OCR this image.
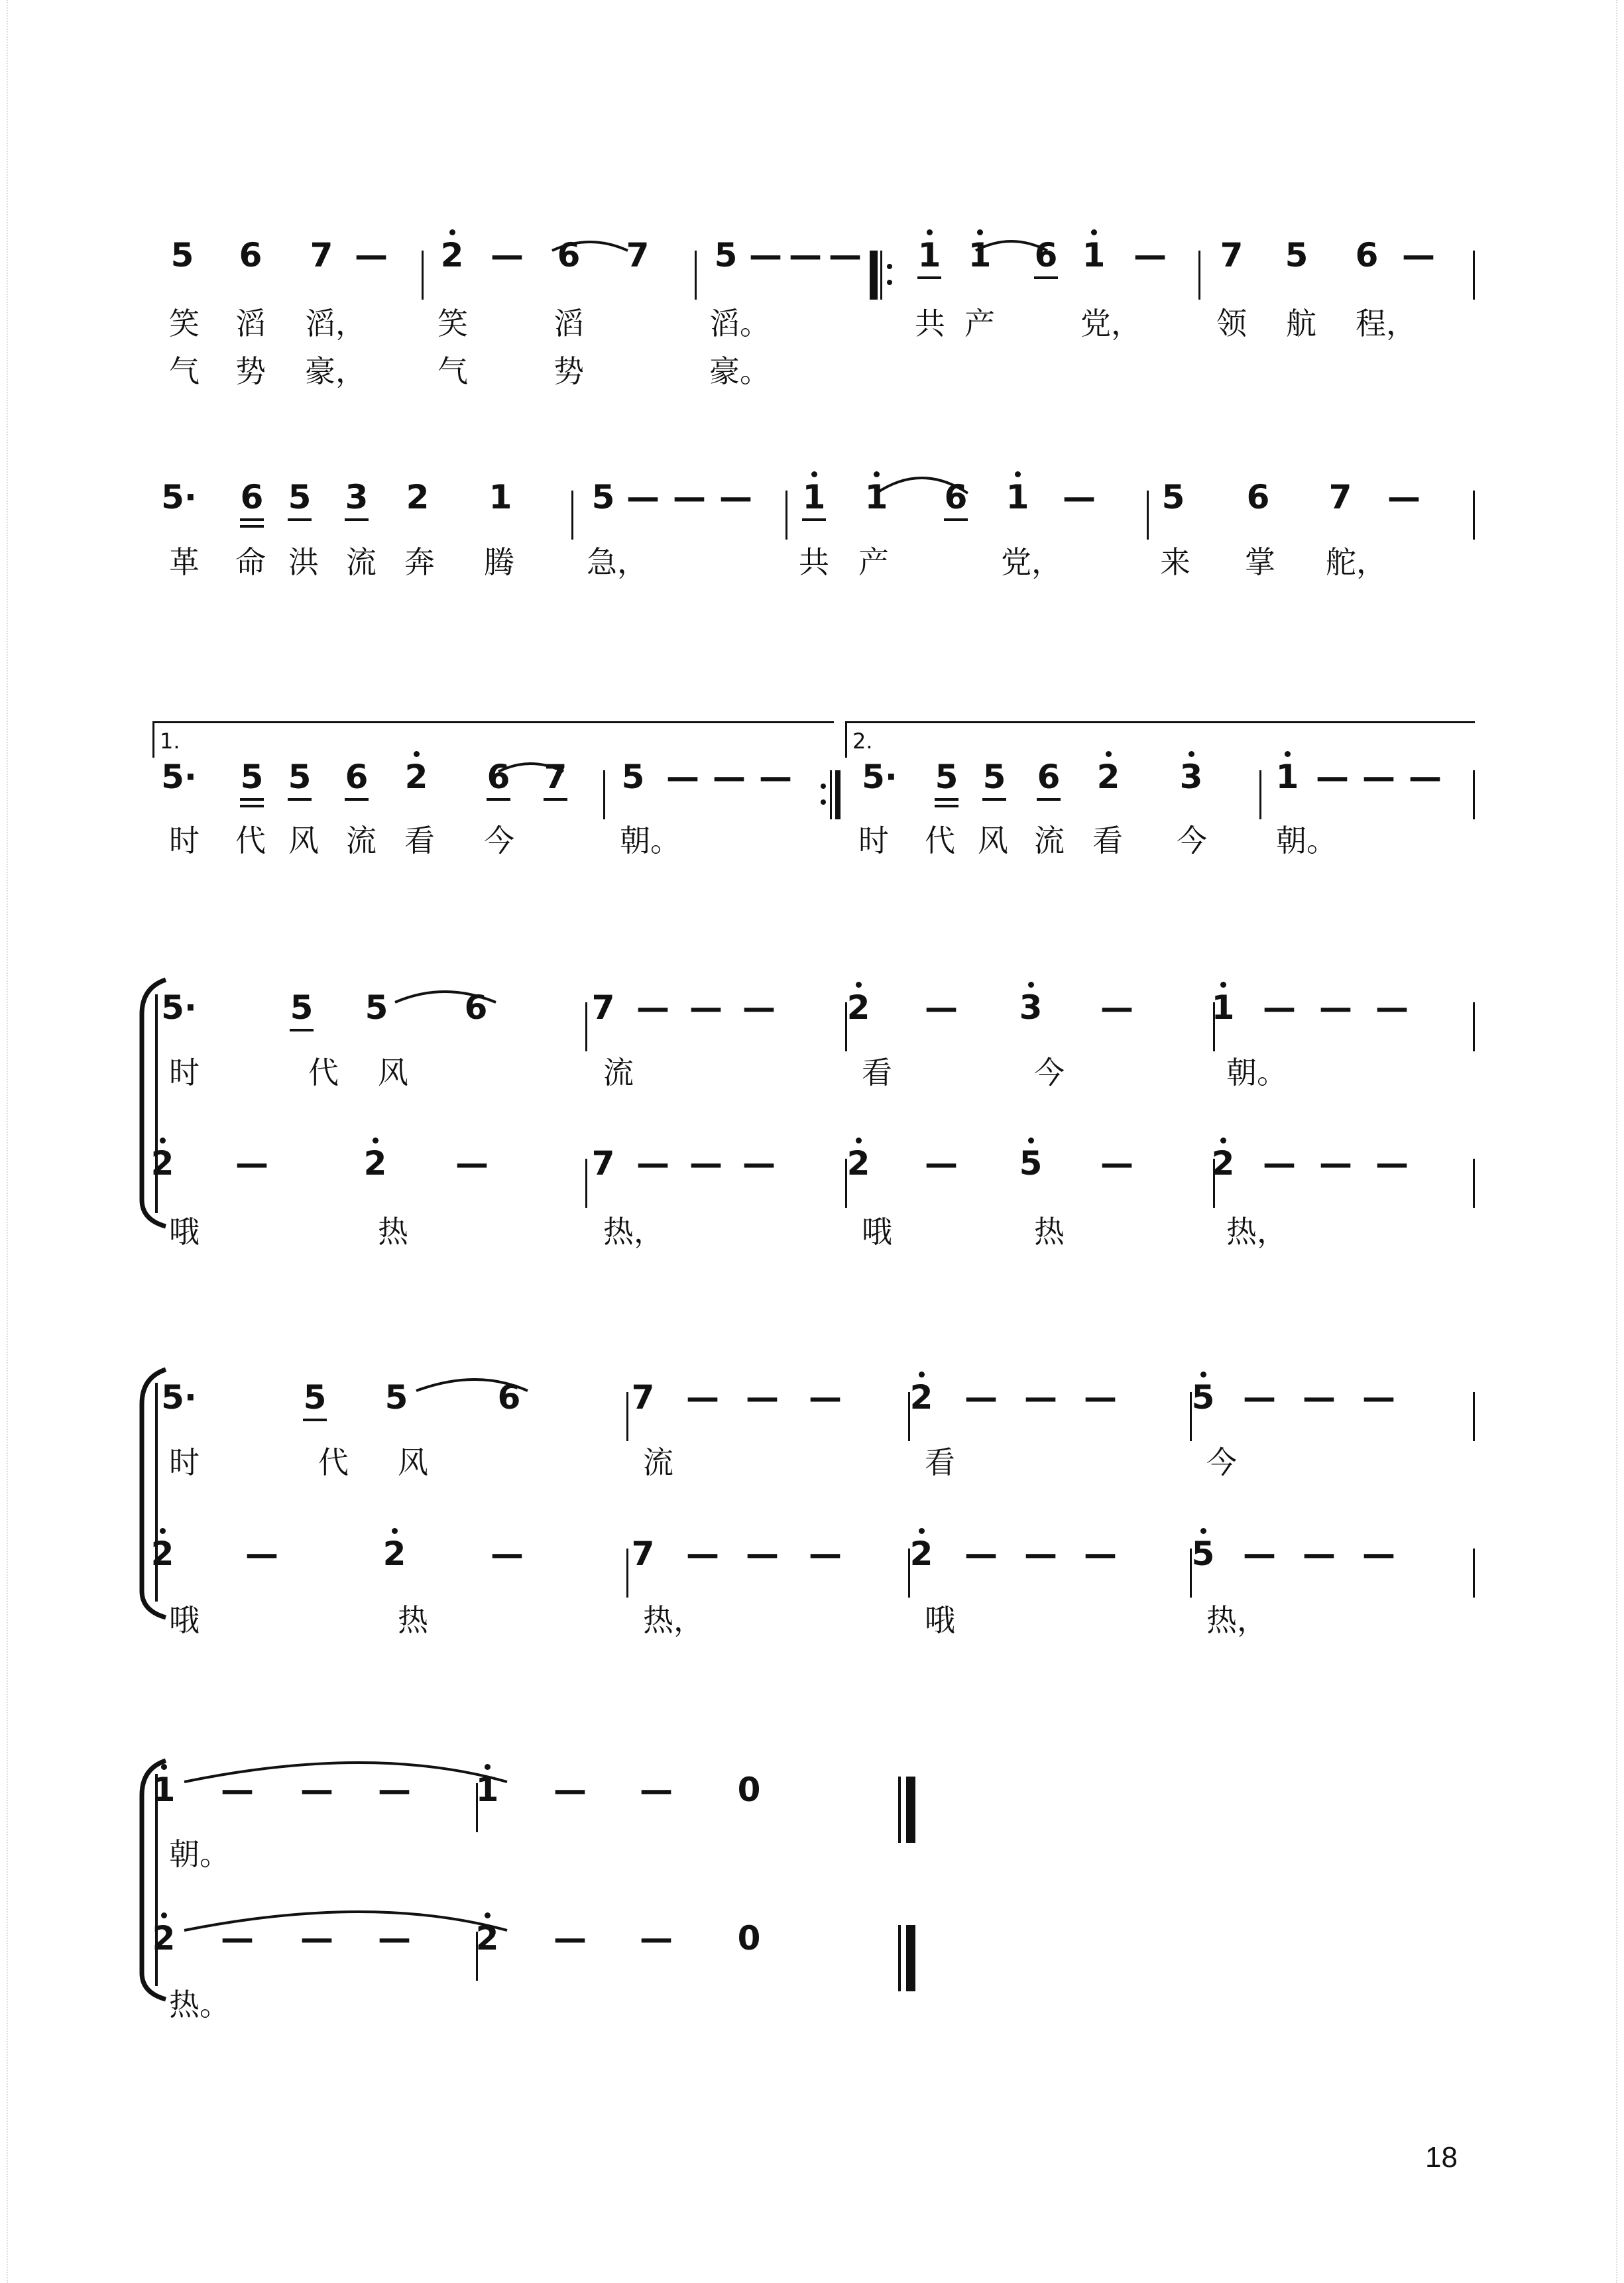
1.	2.
18
5 6 7 — 2 — 6 7 5 — — — 1 1 6 1 — 7 5 6 —
笑 滔 滔， 笑	滔	滔。	共 产	党， 领 航 程，
气 势 豪， 气	势	豪。
5· 6 5 3 2 1 5 — — — 1 1 6 1 — 5 6 7 —
革 命 洪 流 奔 腾 急，	共 产	党，	来 掌 舵，
5· 5 5 6 2 6 7 5 — — — 5· 5 5 6 2 3 1 — — —
时 代 风 流 看 今	朝。	时 代 风 流 看 今 朝。
5·	5 5 6	7 — — — 2 — 3 — 1 — — —
时	代 风	流	看	今	朝。
2 —	2 —	7 — — — 2 — 5 — 2 — — —
哦	热	热，	哦	热	热，
5·	5 5	6	7 — — — 2 — — — 5 — — —
时	代 风	流	看	今
2 —	2	—	7 — — — 2 — — — 5 — — —
哦	热	热，	哦	热，
1 — — — 1 — — 0
朝。
2 — — — 2 — — 0
热。
